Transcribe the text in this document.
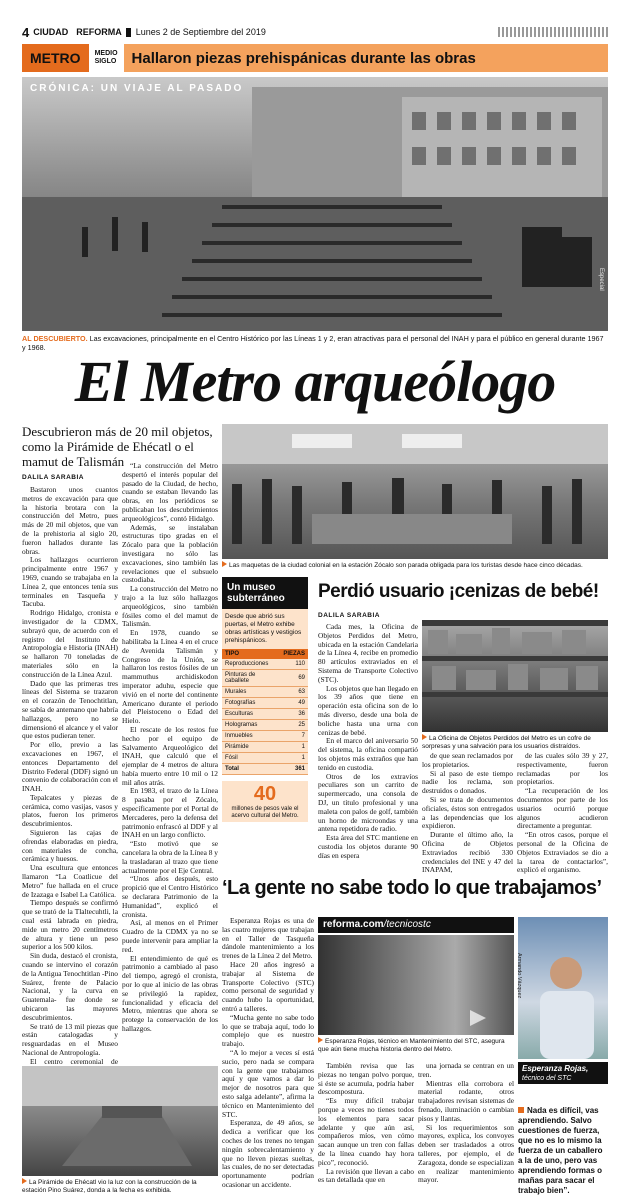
4 CIUDAD REFORMA Lunes 2 de Septiembre del 2019
METRO	MEDIO
SIGLO	Hallaron piezas prehispánicas durante las obras
CRÓNICA: UN VIAJE AL PASADO
Especial
AL DESCUBIERTO. Las excavaciones, principalmente en el Centro Histórico por las Líneas 1 y 2, eran atractivas para el personal del INAH y para el público en general durante 1967 y 1968.
El Metro arqueólogo
Descubrieron más de 20 mil objetos, como la Pirámide de Ehécatl o el mamut de Talismán
DALILA SARABIA

Bastaron unos cuantos metros de excavación para que la historia brotara con la construcción del Metro, pues más de 20 mil objetos, que van de la prehistoria al siglo 20, fueron hallados durante las obras.

Los hallazgos ocurrieron principalmente entre 1967 y 1969, cuando se trabajaba en la Línea 2, que entonces tenía sus terminales en Tasqueña y Tacuba.

Rodrigo Hidalgo, cronista e investigador de la CDMX, subrayó que, de acuerdo con el registro del Instituto de Antropología e Historia (INAH) se hallaron 70 toneladas de materiales sólo en la construcción de la Línea Azul.

Dado que las primeras tres líneas del Sistema se trazaron en el corazón de Tenochtitlan, se sabía de antemano que habría hallazgos, pero no se dimensionó el alcance y el valor que estos pudieran tener.

Por ello, previo a las excavaciones en 1967, el entonces Departamento del Distrito Federal (DDF) signó un convenio de colaboración con el INAH.

Tepalcates y piezas de cerámica, como vasijas, vasos y platos, fueron los primeros descubrimientos.

Siguieron las cajas de ofrendas elaboradas en piedra, con materiales de concha, cerámica y huesos.

Una escultura que entonces llamaron “La Coatlicue del Metro” fue hallada en el cruce de Izazaga e Isabel La Católica.

Tiempo después se confirmó que se trató de la Tlaltecuhtli, la cual está labrada en piedra, mide un metro 20 centímetros de altura y tiene un peso superior a los 500 kilos.

Sin duda, destacó el cronista, cuando se intervino el corazón de la Antigua Tenochtitlan -Pino Suárez, frente de Palacio Nacional, y la curva en Guatemala- fue donde se ubicaron las mayores descubrimientos.

Se trató de 13 mil piezas que están catalogadas y resguardadas en el Museo Nacional de Antropología.

El centro ceremonial de

“La construcción del Metro despertó el interés popular del pasado de la Ciudad, de hecho, cuando se estaban llevando las obras, en los periódicos se publicaban los descubrimientos arqueológicos”, contó Hidalgo.

Además, se instalaban estructuras tipo gradas en el Zócalo para que la población investigara no sólo las excavaciones, sino también las revelaciones que el subsuelo custodiaba.

La construcción del Metro no trajo a la luz sólo hallazgos arqueológicos, sino también fósiles como el del mamut de Talismán.

En 1978, cuando se habilitaba la Línea 4 en el cruce de Avenida Talismán y Congreso de la Unión, se hallaron los restos fósiles de un mammuthus archidiskodon imperator aduhu, especie que vivió en el norte del continente Americano durante el periodo del Pleistoceno o Edad del Hielo.

El rescate de los restos fue hecho por el equipo de Salvamento Arqueológico del INAH, que calculó que el ejemplar de 4 metros de altura había muerto entre 10 mil o 12 mil años atrás.

En 1983, el trazo de la Línea 8 pasaba por el Zócalo, específicamente por el Portal de Mercaderes, pero la defensa del patrimonio enfrascó al DDF y al INAH en un largo conflicto.

“Esto motivó que se cancelara la obra de la Línea 8 y la trasladaran al trazo que tiene actualmente por el Eje Central.

“Unos años después, esto propició que el Centro Histórico se declarara Patrimonio de la Humanidad”, explicó el cronista.

Así, al menos en el Primer Cuadro de la CDMX ya no se puede intervenir para ampliar la red.

El entendimiento de qué es patrimonio a cambiado al paso del tiempo, agregó el cronista, por lo que al inicio de las obras se privilegió la rapidez, funcionalidad y eficacia del Metro, mientras que ahora se protege la conservación de los hallazgos.

Las maquetas de la ciudad colonial en la estación Zócalo son parada obligada para los turistas desde hace cinco décadas.
Un museo subterráneo
Desde que abrió sus puertas, el Metro exhibe obras artísticas y vestigios prehispánicos.
TIPO	PIEZAS
Reproducciones	110
Pinturas de caballete	69
Murales	63
Fotografías	49
Esculturas	36
Hologramas	25
Inmuebles	7
Pirámide	1
Fósil	1
Total	361
40
millones de pesos vale el acervo cultural del Metro.
Perdió usuario ¡cenizas de bebé!
DALILA SARABIA

Cada mes, la Oficina de Objetos Perdidos del Metro, ubicada en la estación Candelaria de la Línea 4, recibe en promedio 80 artículos extraviados en el Sistema de Transporte Colectivo (STC).

Los objetos que han llegado en los 39 años que tiene en operación esta oficina son de lo más diverso, desde una bola de boliche hasta una urna con cenizas de bebé.

En el marco del aniversario 50 del sistema, la oficina compartió los objetos más extraños que han tenido en custodia.

Otros de los extravíos peculiares son un carrito de supermercado, una consola de DJ, un título profesional y una maleta con palos de golf, también un horno de microondas y una antena repetidora de radio.

Esta área del STC mantiene en custodia los objetos durante 90 días en espera

La Oficina de Objetos Perdidos del Metro es un cofre de sorpresas y una salvación para los usuarios distraídos.

de que sean reclamados por los propietarios.

Si al paso de este tiempo nadie los reclama, son destruidos o donados.

Si se trata de documentos oficiales, éstos son entregados a las dependencias que los expidieron.

Durante el último año, la Oficina de Objetos Extraviados recibió 330 credenciales del INE y 47 del INAPAM,

de las cuales sólo 39 y 27, respectivamente, fueron reclamadas por los propietarios.

“La recuperación de los documentos por parte de los usuarios ocurrió porque algunos acudieron directamente a preguntar.

“En otros casos, porque el personal de la Oficina de Objetos Extraviados se dio a la tarea de contactarlos”, explicó el organismo.

‘La gente no sabe todo lo que trabajamos’

Esperanza Rojas es una de las cuatro mujeres que trabajan en el Taller de Tasqueña dándole mantenimiento a los trenes de la Línea 2 del Metro.

Hace 20 años ingresó a trabajar al Sistema de Transporte Colectivo (STC) como personal de seguridad y cuando hubo la oportunidad, entró a talleres.

“Mucha gente no sabe todo lo que se trabaja aquí, todo lo complejo que es nuestro trabajo.

“A lo mejor a veces sí está sucio, pero nada se compara con la gente que trabajamos aquí y que vamos a dar lo mejor de nosotros para que esto salga adelante”, afirma la técnico en Mantenimiento del STC.

Esperanza, de 49 años, se dedica a verificar que los coches de los trenes no tengan ningún sobrecalentamiento y que no lleven piezas sueltas, las cuales, de no ser detectadas oportunamente podrían ocasionar un accidente.

reforma.com/tecnicostc
Esperanza Rojas, técnico en Mantenimiento del STC, asegura que aún tiene mucha historia dentro del Metro.

También revisa que las piezas no tengan polvo porque, si éste se acumula, podría haber descompostura.

“Es muy difícil trabajar porque a veces no tienes todos los elementos para sacar adelante y que aún así, compañeros míos, ven cómo sacan aunque un tren con fallas de la línea cuando hay hora pico”, reconoció.

La revisión que llevan a cabo es tan detallada que en

una jornada se centran en un tren.

Mientras ella corrobora el material rodante, otros trabajadores revisan sistemas de frenado, iluminación o cambian pisos y llantas.

Si los requerimientos son mayores, explica, los convoyes deben ser trasladados a otros talleres, por ejemplo, el de Zaragoza, donde se especializan en realizar mantenimiento mayor.

Armando Vázquez
Esperanza Rojas,
técnico del STC
Nada es difícil, vas aprendiendo. Salvo cuestiones de fuerza, que no es lo mismo la fuerza de un caballero a la de uno, pero vas aprendiendo formas o mañas para sacar el trabajo bien”.
La Pirámide de Ehécatl vio la luz con la construcción de la estación Pino Suárez, donda a la fecha es exhibida.
